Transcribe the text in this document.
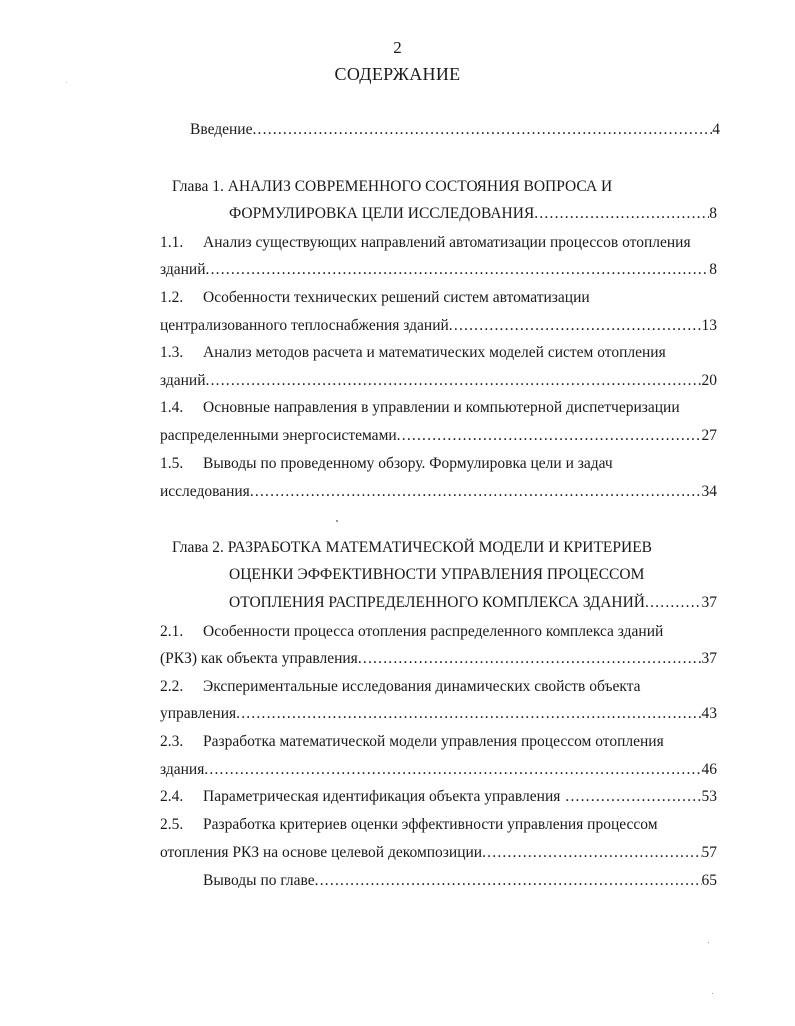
2
СОДЕРЖАНИЕ
Введение .....	4
Глава 1. АНАЛИЗ СОВРЕМЕННОГО СОСТОЯНИЯ ВОПРОСА И
ФОРМУЛИРОВКА ЦЕЛИ ИССЛЕДОВАНИЯ .....	8
1.1. Анализ существующих направлений автоматизации процессов отопления
зданий .....	8
1.2. Особенности технических решений систем автоматизации
централизованного теплоснабжения зданий .....	13
1.3. Анализ методов расчета и математических моделей систем отопления
зданий .....	20
1.4. Основные направления в управлении и компьютерной диспетчеризации
распределенными энергосистемами .....	27
1.5. Выводы по проведенному обзору. Формулировка цели и задач
исследования .....	34
Глава 2. РАЗРАБОТКА МАТЕМАТИЧЕСКОЙ МОДЕЛИ И КРИТЕРИЕВ
ОЦЕНКИ ЭФФЕКТИВНОСТИ УПРАВЛЕНИЯ ПРОЦЕССОМ
ОТОПЛЕНИЯ РАСПРЕДЕЛЕННОГО КОМПЛЕКСА ЗДАНИЙ .....	37
2.1. Особенности процесса отопления распределенного комплекса зданий
(РКЗ) как объекта управления .....	37
2.2. Экспериментальные исследования динамических свойств объекта
управления .....	43
2.3. Разработка математической модели управления процессом отопления
здания .....	46
2.4.	Параметрическая идентификация объекта управления .....	53
2.5. Разработка критериев оценки эффективности управления процессом
отопления РКЗ на основе целевой декомпозиции .....	57
Выводы по главе .....	65
